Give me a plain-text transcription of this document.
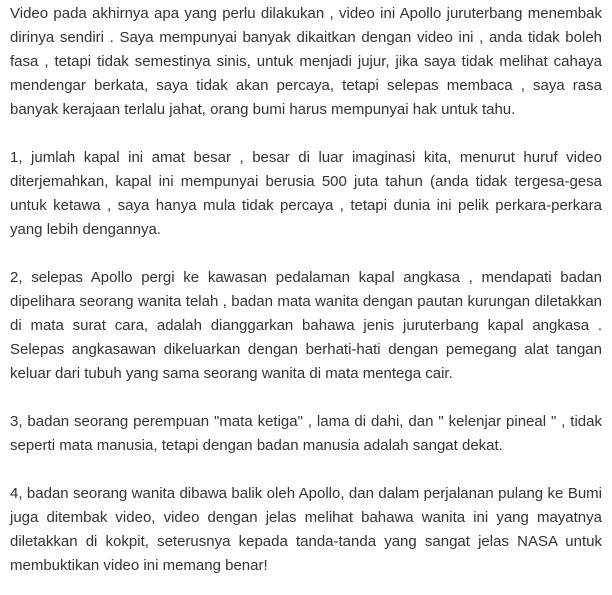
Video pada akhirnya apa yang perlu dilakukan , video ini Apollo juruterbang menembak dirinya sendiri . Saya mempunyai banyak dikaitkan dengan video ini , anda tidak boleh fasa , tetapi tidak semestinya sinis, untuk menjadi jujur, jika saya tidak melihat cahaya mendengar berkata, saya tidak akan percaya, tetapi selepas membaca , saya rasa banyak kerajaan terlalu jahat, orang bumi harus mempunyai hak untuk tahu.

1, jumlah kapal ini amat besar , besar di luar imaginasi kita, menurut huruf video diterjemahkan, kapal ini mempunyai berusia 500 juta tahun (anda tidak tergesa-gesa untuk ketawa , saya hanya mula tidak percaya , tetapi dunia ini pelik perkara-perkara yang lebih dengannya.

2, selepas Apollo pergi ke kawasan pedalaman kapal angkasa , mendapati badan dipelihara seorang wanita telah , badan mata wanita dengan pautan kurungan diletakkan di mata surat cara, adalah dianggarkan bahawa jenis juruterbang kapal angkasa . Selepas angkasawan dikeluarkan dengan berhati-hati dengan pemegang alat tangan keluar dari tubuh yang sama seorang wanita di mata mentega cair.

3, badan seorang perempuan "mata ketiga" , lama di dahi, dan " kelenjar pineal " , tidak seperti mata manusia, tetapi dengan badan manusia adalah sangat dekat.

4, badan seorang wanita dibawa balik oleh Apollo, dan dalam perjalanan pulang ke Bumi juga ditembak video, video dengan jelas melihat bahawa wanita ini yang mayatnya diletakkan di kokpit, seterusnya kepada tanda-tanda yang sangat jelas NASA untuk membuktikan video ini memang benar!
